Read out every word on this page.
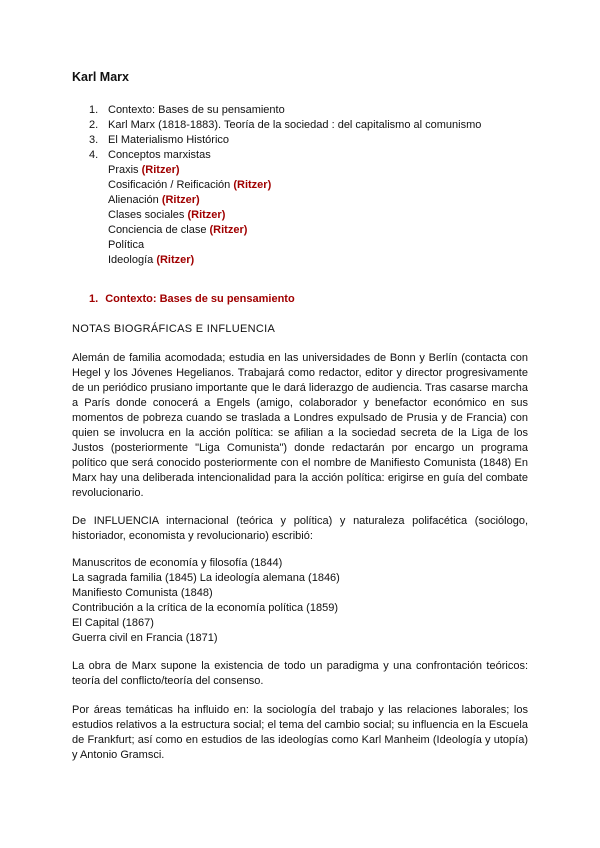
Karl Marx
1. Contexto: Bases de su pensamiento
2. Karl Marx (1818-1883). Teoría de la sociedad : del capitalismo al comunismo
3. El Materialismo Histórico
4. Conceptos marxistas
Praxis (Ritzer)
Cosificación / Reificación (Ritzer)
Alienación (Ritzer)
Clases sociales (Ritzer)
Conciencia de clase (Ritzer)
Política
Ideología (Ritzer)
1. Contexto: Bases de su pensamiento
NOTAS BIOGRÁFICAS E INFLUENCIA

Alemán de familia acomodada; estudia en las universidades de Bonn y Berlín (contacta con Hegel y los Jóvenes Hegelianos. Trabajará como redactor, editor y director progresivamente de un periódico prusiano importante que le dará liderazgo de audiencia. Tras casarse marcha a París donde conocerá a Engels (amigo, colaborador y benefactor económico en sus momentos de pobreza cuando se traslada a Londres expulsado de Prusia y de Francia) con quien se involucra en la acción política: se afilian a la sociedad secreta de la Liga de los Justos (posteriormente "Liga Comunista") donde redactarán por encargo un programa político que será conocido posteriormente con el nombre de Manifiesto Comunista (1848) En Marx hay una deliberada intencionalidad para la acción política: erigirse en guía del combate revolucionario.

De INFLUENCIA internacional (teórica y política) y naturaleza polifacética (sociólogo, historiador, economista y revolucionario) escribió:

Manuscritos de economía y filosofía (1844)
La sagrada familia (1845) La ideología alemana (1846)
Manifiesto Comunista (1848)
Contribución a la crítica de la economía política (1859)
El Capital (1867)
Guerra civil en Francia (1871)

La obra de Marx supone la existencia de todo un paradigma y una confrontación teóricos: teoría del conflicto/teoría del consenso.

Por áreas temáticas ha influido en: la sociología del trabajo y las relaciones laborales; los estudios relativos a la estructura social; el tema del cambio social; su influencia en la Escuela de Frankfurt; así como en estudios de las ideologías como Karl Manheim (Ideología y utopía) y Antonio Gramsci.
